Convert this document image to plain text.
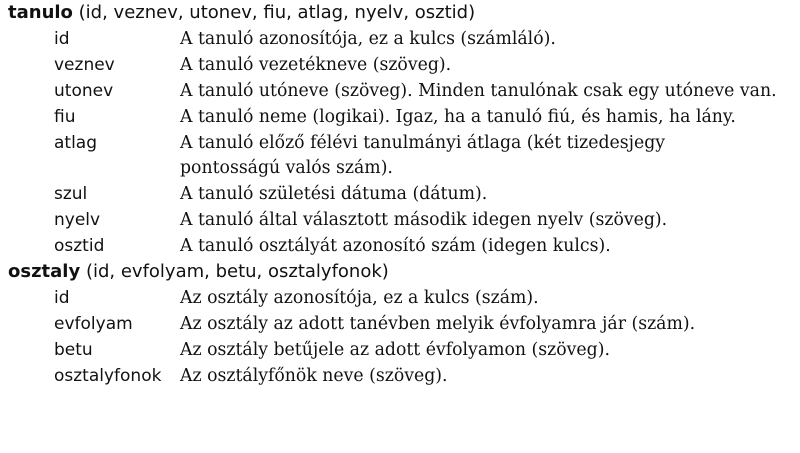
tanulo (id, veznev, utonev, fiu, atlag, nyelv, osztid)
id	A tanuló azonosítója, ez a kulcs (számláló).
veznev	A tanuló vezetékneve (szöveg).
utonev	A tanuló utóneve (szöveg). Minden tanulónak csak egy utóneve van.
fiu	A tanuló neme (logikai). Igaz, ha a tanuló fiú, és hamis, ha lány.
atlag	A tanuló előző félévi tanulmányi átlaga (két tizedesjegy pontosságú valós szám).
szul	A tanuló születési dátuma (dátum).
nyelv	A tanuló által választott második idegen nyelv (szöveg).
osztid	A tanuló osztályát azonosító szám (idegen kulcs).
osztaly (id, evfolyam, betu, osztalyfonok)
id	Az osztály azonosítója, ez a kulcs (szám).
evfolyam	Az osztály az adott tanévben melyik évfolyamra jár (szám).
betu	Az osztály betűjele az adott évfolyamon (szöveg).
osztalyfonok	Az osztályfőnök neve (szöveg).
